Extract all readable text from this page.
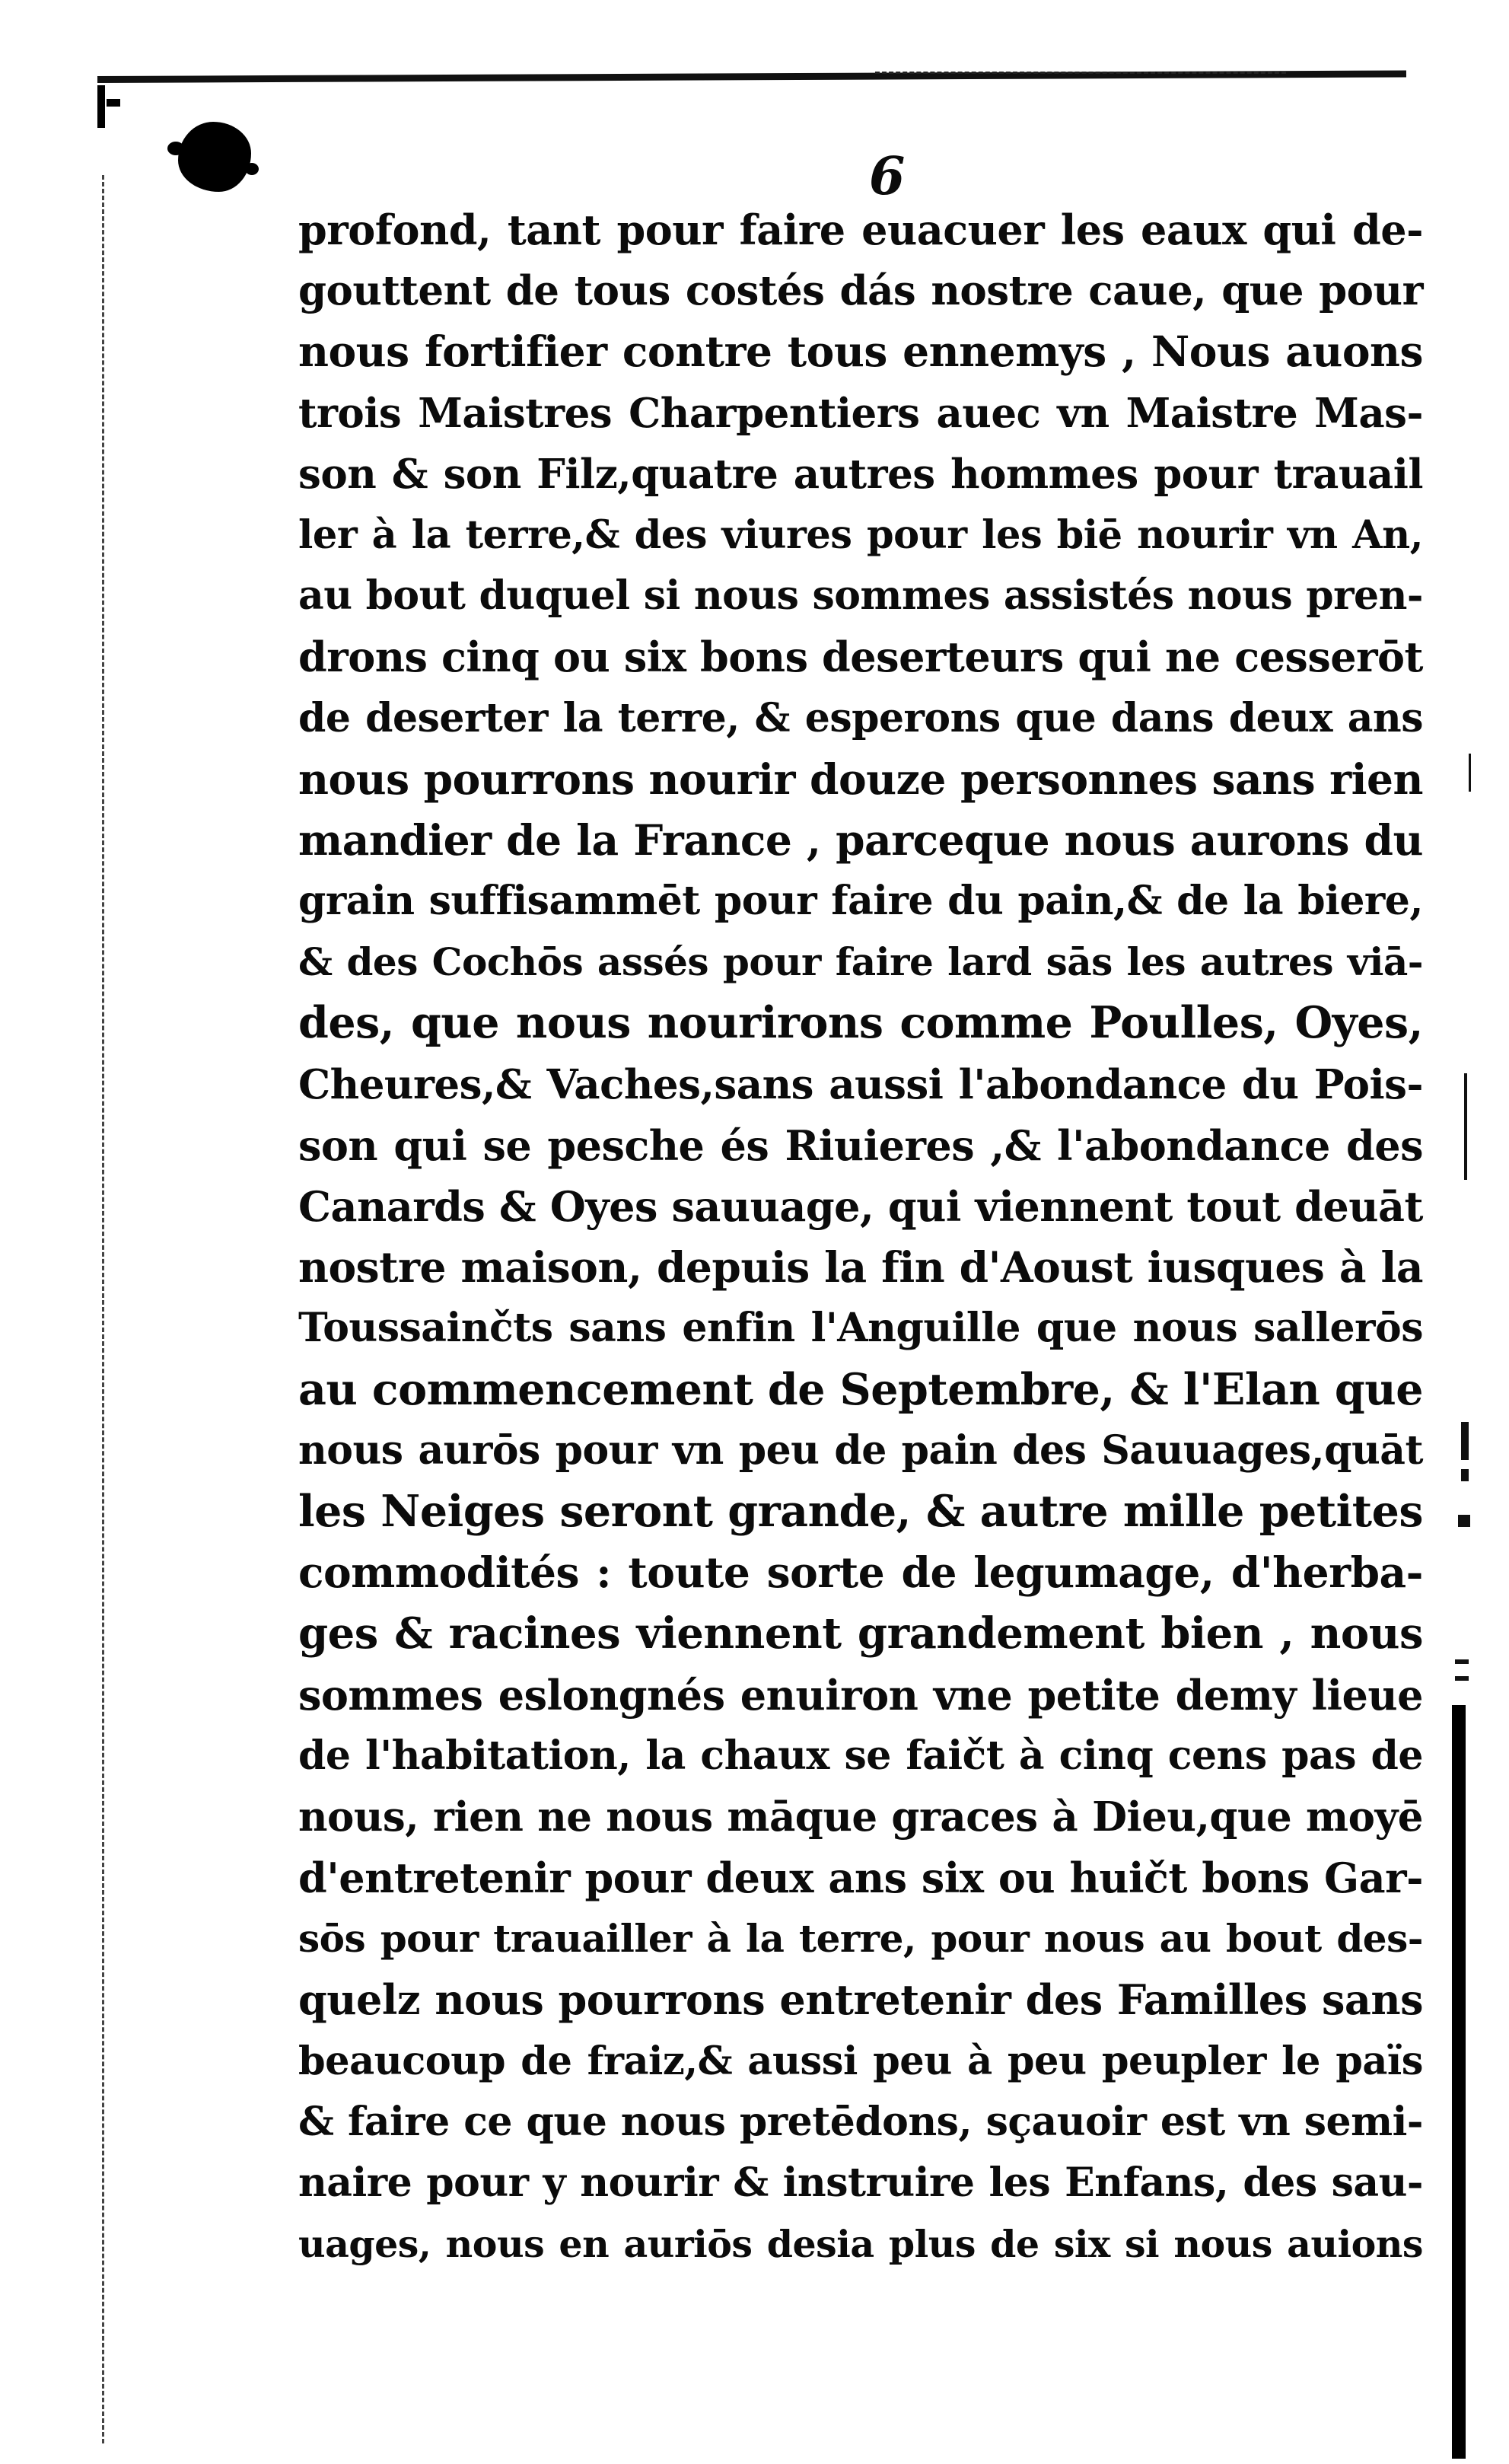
6
profond, tant pour faire euacuer les eaux qui de-
gouttent de tous costés dás nostre caue, que pour
nous fortifier contre tous ennemys , Nous auons
trois Maistres Charpentiers auec vn Maistre Mas-
son & son Filz,quatre autres hommes pour trauail
ler à la terre,& des viures pour les biē nourir vn An,
au bout duquel si nous sommes assistés nous pren-
drons cinq ou six bons deserteurs qui ne cesserōt
de deserter la terre, & esperons que dans deux ans
nous pourrons nourir douze personnes sans rien
mandier de la France , parceque nous aurons du
grain suffisammēt pour faire du pain,& de la biere,
& des Cochōs assés pour faire lard sās les autres viā-
des, que nous nourirons comme Poulles, Oyes,
Cheures,& Vaches,sans aussi l'abondance du Pois-
son qui se pesche és Riuieres ,& l'abondance des
Canards & Oyes sauuage, qui viennent tout deuāt
nostre maison, depuis la fin d'Aoust iusques à la
Toussainčts sans enfin l'Anguille que nous sallerōs
au commencement de Septembre, & l'Elan que
nous aurōs pour vn peu de pain des Sauuages,quāt
les Neiges seront grande, & autre mille petites
commodités : toute sorte de legumage, d'herba-
ges & racines viennent grandement bien , nous
sommes eslongnés enuiron vne petite demy lieue
de l'habitation, la chaux se faičt à cinq cens pas de
nous, rien ne nous māque graces à Dieu,que moyē
d'entretenir pour deux ans six ou huičt bons Gar-
sōs pour trauailler à la terre, pour nous au bout des-
quelz nous pourrons entretenir des Familles sans
beaucoup de fraiz,& aussi peu à peu peupler le païs
& faire ce que nous pretēdons, sçauoir est vn semi-
naire pour y nourir & instruire les Enfans, des sau-
uages, nous en auriōs desia plus de six si nous auions
